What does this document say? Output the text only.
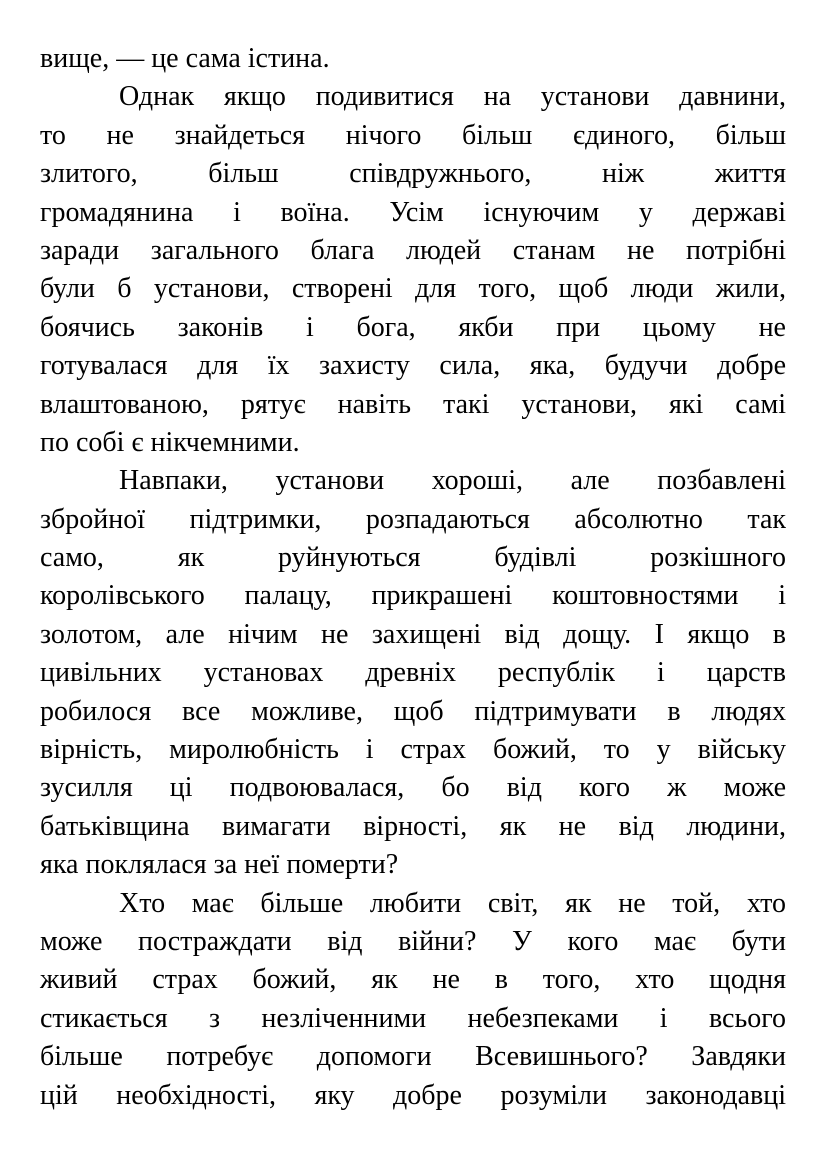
вище, — це сама істина.
Однак якщо подивитися на установи давнини,
то не знайдеться нічого більш єдиного, більш
злитого, більш співдружнього, ніж життя
громадянина і воїна. Усім існуючим у державі
заради загального блага людей станам не потрібні
були б установи, створені для того, щоб люди жили,
боячись законів і бога, якби при цьому не
готувалася для їх захисту сила, яка, будучи добре
влаштованою, рятує навіть такі установи, які самі
по собі є нікчемними.
Навпаки, установи хороші, але позбавлені
збройної підтримки, розпадаються абсолютно так
само, як руйнуються будівлі розкішного
королівського палацу, прикрашені коштовностями і
золотом, але нічим не захищені від дощу. І якщо в
цивільних установах древніх республік і царств
робилося все можливе, щоб підтримувати в людях
вірність, миролюбність і страх божий, то у війську
зусилля ці подвоювалася, бо від кого ж може
батьківщина вимагати вірності, як не від людини,
яка поклялася за неї померти?
Хто має більше любити світ, як не той, хто
може постраждати від війни? У кого має бути
живий страх божий, як не в того, хто щодня
стикається з незліченними небезпеками і всього
більше потребує допомоги Всевишнього? Завдяки
цій необхідності, яку добре розуміли законодавці
